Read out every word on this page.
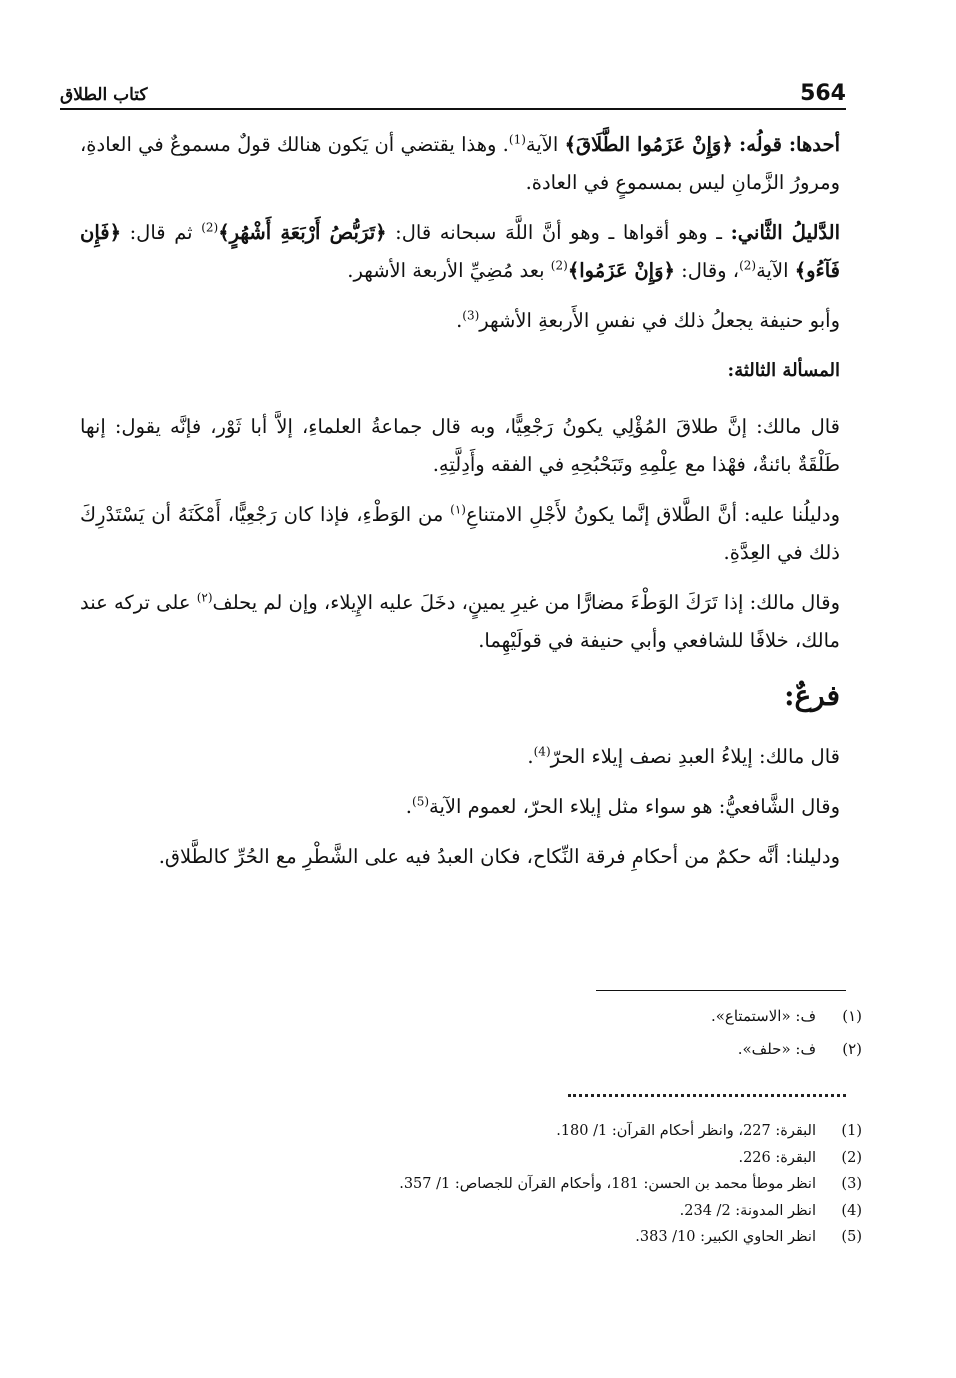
كتاب الطلاق	564

أحدها: قولُه: ﴿وَإِنْ عَزَمُوا الطَّلَاقَ﴾ الآية$^{(1)}$. وهذا يقتضي أن يَكون هنالك قولٌ مسموعٌ في العادةِ، ومرورُ الزَّمانِ ليس بمسموعٍ في العادة.

الدَّليلُ الثَّاني: ـ وهو أقواها ـ وهو أنَّ اللَّهَ سبحانه قال: ﴿تَرَبُّصُ أَرْبَعَةِ أَشْهُرٍ﴾$^{(2)}$ ثم قال: ﴿فَإِن فَآءُو﴾ الآية$^{(2)}$، وقال: ﴿وَإِنْ عَزَمُوا﴾$^{(2)}$ بعد مُضِيِّ الأربعة الأشهر.

وأبو حنيفة يجعلُ ذلك في نفسِ الأَربعةِ الأشهر$^{(3)}$.

المسألة الثالثة:

قال مالك: إنَّ طلاقَ المُؤْلِي يكونُ رَجْعِيًّا، وبه قال جماعةُ العلماءِ، إلاَّ أبا ثَوْر، فإنَّه يقول: إنها طَلْقَةٌ بائنةٌ، فهْذا مع عِلْمِهِ وتَبَحْبُحِهِ في الفقه وأَدِلَّتِهِ.

ودليلُنا عليه: أنَّ الطَّلاق إنَّما يكونُ لأَجْلِ الامتناعِ$^{(١)}$ من الوَطْءِ، فإذا كان رَجْعِيًّا، أَمْكَنَهُ أن يَسْتَدْرِكَ ذلك في العِدَّةِ.

وقال مالك: إذا تَرَكَ الوَطْءَ مضارًّا من غيرِ يمينٍ، دخَلَ عليه الإِيلاء، وإن لم يحلف$^{(٢)}$ على تركه عند مالك، خلافًا للشافعي وأبي حنيفة في قولَيْهِما.

فرعٌ:

قال مالك: إيلاءُ العبدِ نصف إيلاء الحرّ$^{(4)}$.

وقال الشَّافعيُّ: هو سواء مثل إيلاء الحرّ، لعموم الآية$^{(5)}$.

ودليلنا: أنَّه حكمٌ من أحكامِ فرقة النِّكاح، فكان العبدُ فيه على الشَّطْرِ مع الحُرِّ كالطَّلاق.

(١)
ف: «الاستمتاع».
(٢)
ف: «حلف».
(1)
البقرة: 227، وانظر أحكام القرآن: 1/ 180.
(2)
البقرة: 226.
(3)
انظر موطأ محمد بن الحسن: 181، وأحكام القرآن للجصاص: 1/ 357.
(4)
انظر المدونة: 2/ 234.
(5)
انظر الحاوي الكبير: 10/ 383.
